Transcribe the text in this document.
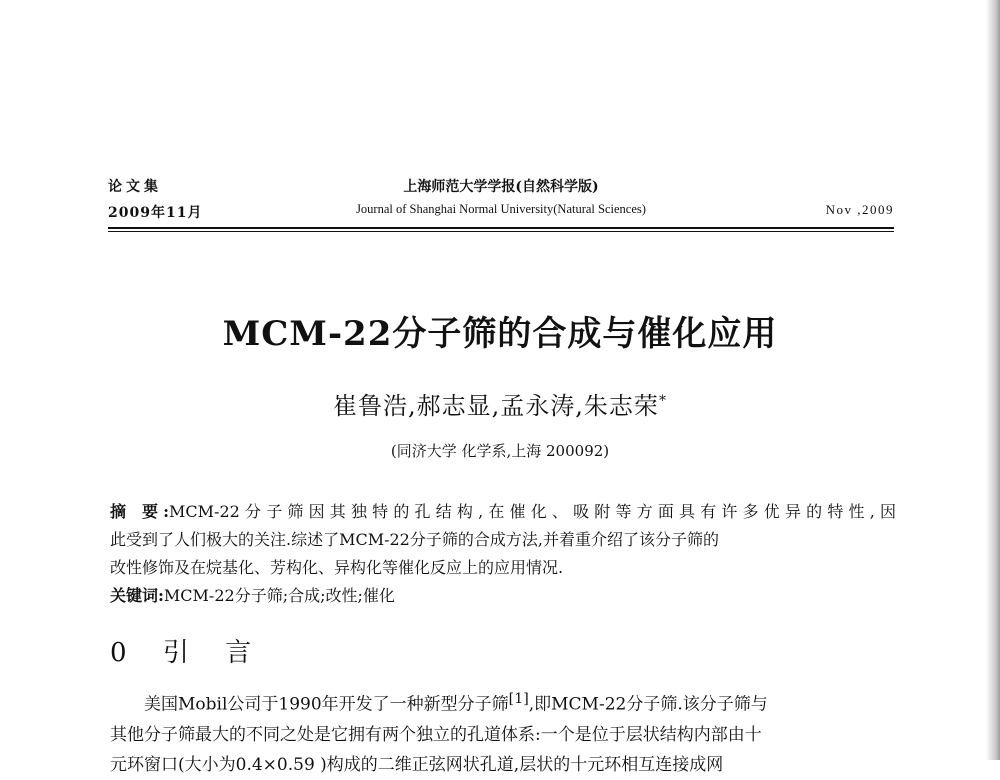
论文集
2009年11月
上海师范大学学报(自然科学版)
Journal of Shanghai Normal University(Natural Sciences)	Nov ,2009
MCM-22分子筛的合成与催化应用
崔鲁浩,郝志显,孟永涛,朱志荣*
(同济大学 化学系,上海 200092)
摘 要:MCM-22分子筛因其独特的孔结构,在催化、吸附等方面具有许多优异的特性,因
此受到了人们极大的关注.综述了MCM-22分子筛的合成方法,并着重介绍了该分子筛的
改性修饰及在烷基化、芳构化、异构化等催化反应上的应用情况.
关键词:MCM-22分子筛;合成;改性;催化
0 引 言
美国Mobil公司于1990年开发了一种新型分子筛[1],即MCM-22分子筛.该分子筛与
其他分子筛最大的不同之处是它拥有两个独立的孔道体系:一个是位于层状结构内部由十
元环窗口(大小为0.4×0.59 )构成的二维正弦网状孔道,层状的十元环相互连接成网
